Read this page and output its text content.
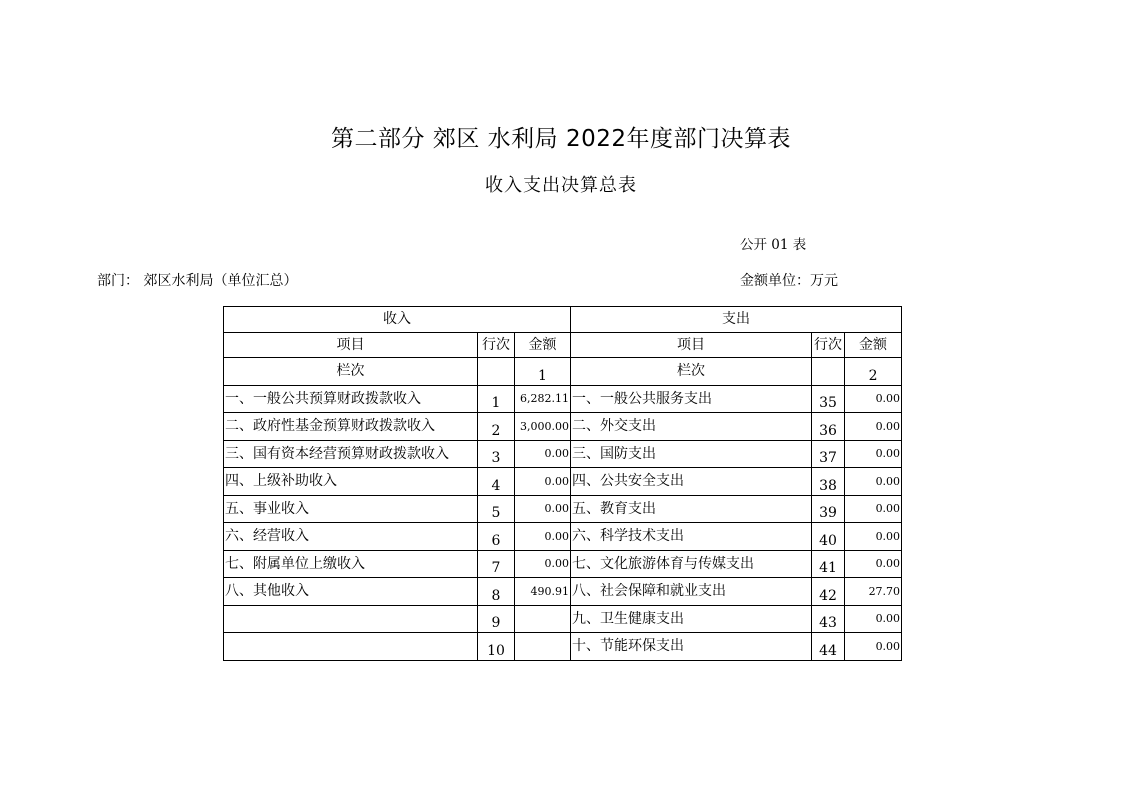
第二部分 郊区 水利局 2022年度部门决算表
收入支出决算总表
公开 01 表
部门： 郊区水利局（单位汇总）	金额单位：万元
收入			支出		
项目	行次	金额	项目	行次	金额
栏次		1	栏次		2
一、一般公共预算财政拨款收入	1	6,282.11	一、一般公共服务支出	35	0.00
二、政府性基金预算财政拨款收入	2	3,000.00	二、外交支出	36	0.00
三、国有资本经营预算财政拨款收入	3	0.00	三、国防支出	37	0.00
四、上级补助收入	4	0.00	四、公共安全支出	38	0.00
五、事业收入	5	0.00	五、教育支出	39	0.00
六、经营收入	6	0.00	六、科学技术支出	40	0.00
七、附属单位上缴收入	7	0.00	七、文化旅游体育与传媒支出	41	0.00
八、其他收入	8	490.91	八、社会保障和就业支出	42	27.70
	9		九、卫生健康支出	43	0.00
	10		十、节能环保支出	44	0.00
